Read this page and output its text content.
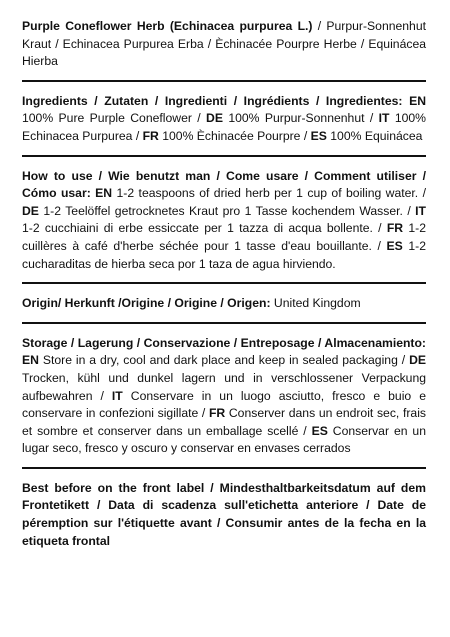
Purple Coneflower Herb (Echinacea purpurea L.) / Purpur-Sonnenhut Kraut / Echinacea Purpurea Erba / Èchinacée Pourpre Herbe / Equinácea Hierba
Ingredients / Zutaten / Ingredienti / Ingrédients / Ingredientes: EN 100% Pure Purple Coneflower / DE 100% Purpur-Sonnenhut / IT 100% Echinacea Purpurea / FR 100% Èchinacée Pourpre / ES 100% Equinácea
How to use / Wie benutzt man / Come usare / Comment utiliser / Cómo usar: EN 1-2 teaspoons of dried herb per 1 cup of boiling water. / DE 1-2 Teelöffel getrocknetes Kraut pro 1 Tasse kochendem Wasser. / IT 1-2 cucchiaini di erbe essiccate per 1 tazza di acqua bollente. / FR 1-2 cuillères à café d'herbe séchée pour 1 tasse d'eau bouillante. / ES 1-2 cucharaditas de hierba seca por 1 taza de agua hirviendo.
Origin/ Herkunft /Origine / Origine / Origen: United Kingdom
Storage / Lagerung / Conservazione / Entreposage / Almacenamiento: EN Store in a dry, cool and dark place and keep in sealed packaging / DE Trocken, kühl und dunkel lagern und in verschlossener Verpackung aufbewahren / IT Conservare in un luogo asciutto, fresco e buio e conservare in confezioni sigillate / FR Conserver dans un endroit sec, frais et sombre et conserver dans un emballage scellé / ES Conservar en un lugar seco, fresco y oscuro y conservar en envases cerrados
Best before on the front label / Mindesthaltbarkeitsdatum auf dem Frontetikett / Data di scadenza sull'etichetta anteriore / Date de péremption sur l'étiquette avant / Consumir antes de la fecha en la etiqueta frontal
